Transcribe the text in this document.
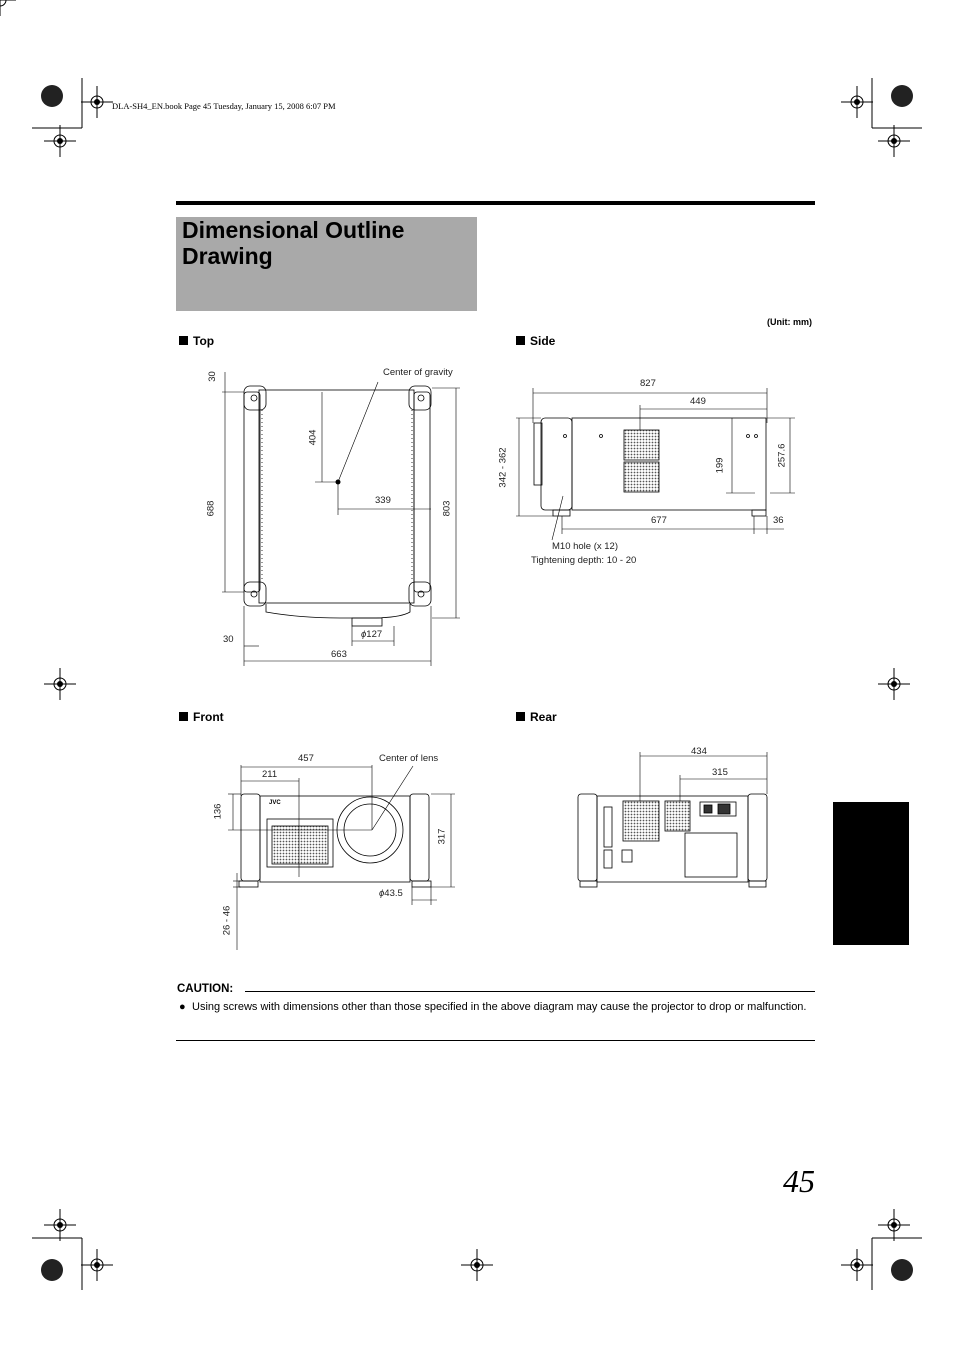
DLA-SH4_EN.book Page 45 Tuesday, January 15, 2008 6:07 PM
Dimensional Outline Drawing
(Unit: mm)
Top	Side
Front	Rear
30	Center of gravity
404
688
339
803
30	ϕ127
663
827
449
342 - 362	199	257.6
677	36
M10 hole (x 12)
Tightening depth: 10 - 20
457
211
Center of lens
136
317
JVC
ϕ43.5
26 - 46
434
315
CAUTION:
● Using screws with dimensions other than those specified in the above diagram may cause the projector to drop or malfunction.
45
